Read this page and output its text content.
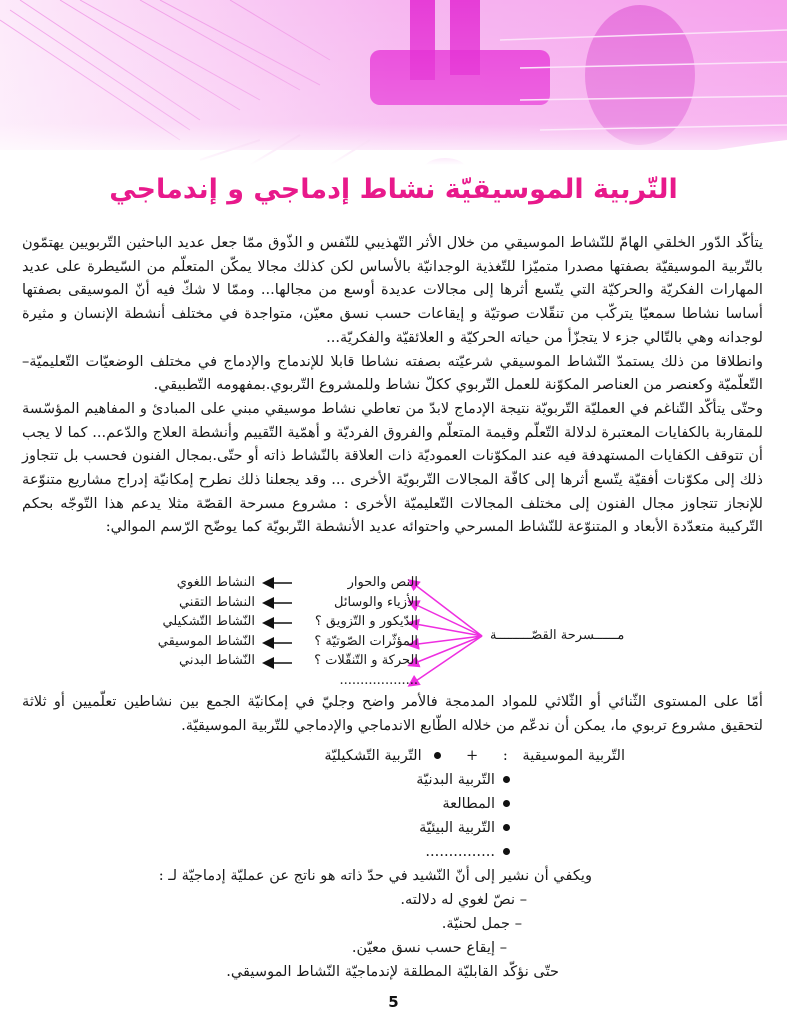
التّربية الموسيقيّة نشاط إدماجي و إندماجي

يتأكّد الدّور الخلقي الهامّ للنّشاط الموسيقي من خلال الأثر التّهذيبي للنّفس و الذّوق ممّا جعل عديد الباحثين التّربويين يهتمّون بالتّربية الموسيقيّة بصفتها مصدرا متميّزا للتّغذية الوجدانيّة بالأساس لكن كذلك مجالا يمكّن المتعلّم من السّيطرة على عديد المهارات الفكريّة والحركيّة التي يتّسع أثرها إلى مجالات عديدة أوسع من مجالها... وممّا لا شكّ فيه أنّ الموسيقى بصفتها أساسا نشاطا سمعيّا يتركّب من تنقّلات صوتيّة و إيقاعات حسب نسق معيّن، متواجدة في مختلف أنشطة الإنسان و مثيرة لوجدانه وهي بالتّالي جزء لا يتجزّأ من حياته الحركيّة و العلائقيّة والفكريّة...

وانطلاقا من ذلك يستمدّ النّشاط الموسيقي شرعيّته بصفته نشاطا قابلا للإندماج والإدماج في مختلف الوضعيّات التّعليميّة– التّعلّميّة وكعنصر من العناصر المكوّنة للعمل التّربوي ككلّ نشاط وللمشروع التّربوي.بمفهومه التّطبيقي.

وحتّى يتأكّد التّناغم في العمليّة التّربويّة نتيجة الإدماج لابدّ من تعاطي نشاط موسيقي مبني على المبادئ و المفاهيم المؤسّسة للمقاربة بالكفايات المعتبرة لدلالة التّعلّم وقيمة المتعلّم والفروق الفرديّة و أهمّية التّقييم وأنشطة العلاج والدّعم... كما لا يجب أن تتوقف الكفايات المستهدفة فيه عند المكوّنات العموديّة ذات العلاقة بالنّشاط ذاته أو حتّى.بمجال الفنون فحسب بل تتجاوز ذلك إلى مكوّنات أفقيّة يتّسع أثرها إلى كافّة المجالات التّربويّة الأخرى ... وقد يجعلنا ذلك نطرح إمكانيّة إدراج مشاريع متنوّعة للإنجاز تتجاوز مجال الفنون إلى مختلف المجالات التّعليميّة الأخرى : مشروع مسرحة القصّة مثلا يدعم هذا التّوجّه بحكم التّركيبة متعدّدة الأبعاد و المتنوّعة للنّشاط المسرحي واحتوائه عديد الأنشطة التّربويّة كما يوضّح الرّسم الموالي:

مــــــسرحة القصّـــــــــة
النص والحوار
الأزياء والوسائل
الدّيكور و التّزويق ؟
المؤثّرات الصّوتيّة ؟
الحركة و التّنقّلات ؟
...................
النشاط اللغوي
النشاط التقني
النّشاط التّشكيلي
النّشاط الموسيقي
النّشاط البدني

أمّا على المستوى الثّنائي أو الثّلاثي للمواد المدمجة فالأمر واضح وجليّ في إمكانيّة الجمع بين نشاطين تعلّميين أو ثلاثة لتحقيق مشروع تربوي ما، يمكن أن ندعّم من خلاله الطّابع الاندماجي والإدماجي للتّربية الموسيقيّة.

التّربية الموسيقية : +  التّربية التّشكيليّة
التّربية البدنيّة
المطالعة
التّربية البيئيّة
...............
ويكفي أن نشير إلى أنّ النّشيد في حدّ ذاته هو ناتج عن عمليّة إدماجيّة لـ :
– نصّ لغوي له دلالته.
– جمل لحنيّة.
– إيقاع حسب نسق معيّن.
حتّى نؤكّد القابليّة المطلقة لإندماجيّة النّشاط الموسيقي.
5
